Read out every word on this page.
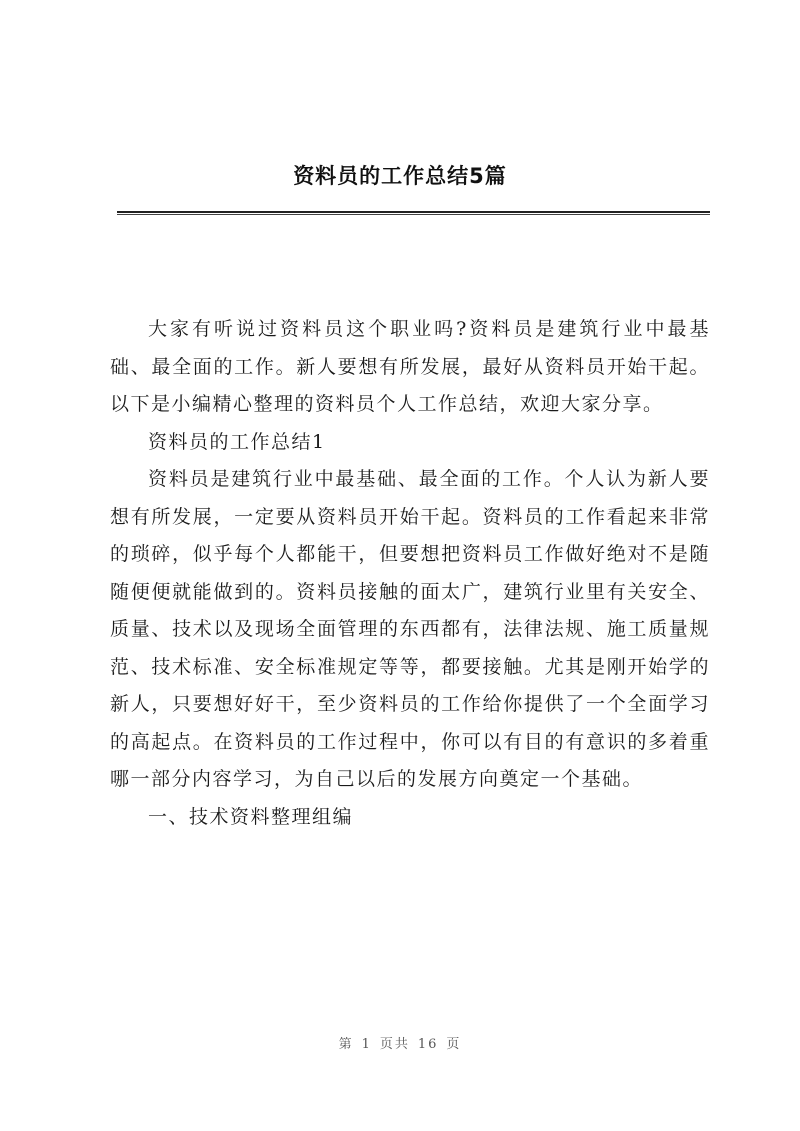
资料员的工作总结5篇

大家有听说过资料员这个职业吗?资料员是建筑行业中最基础、最全面的工作。新人要想有所发展，最好从资料员开始干起。以下是小编精心整理的资料员个人工作总结，欢迎大家分享。

资料员的工作总结1

资料员是建筑行业中最基础、最全面的工作。个人认为新人要想有所发展，一定要从资料员开始干起。资料员的工作看起来非常的琐碎，似乎每个人都能干，但要想把资料员工作做好绝对不是随随便便就能做到的。资料员接触的面太广，建筑行业里有关安全、质量、技术以及现场全面管理的东西都有，法律法规、施工质量规范、技术标准、安全标准规定等等，都要接触。尤其是刚开始学的新人，只要想好好干，至少资料员的工作给你提供了一个全面学习的高起点。在资料员的工作过程中，你可以有目的有意识的多着重哪一部分内容学习，为自己以后的发展方向奠定一个基础。

一、技术资料整理组编

第 1 页共 16 页
